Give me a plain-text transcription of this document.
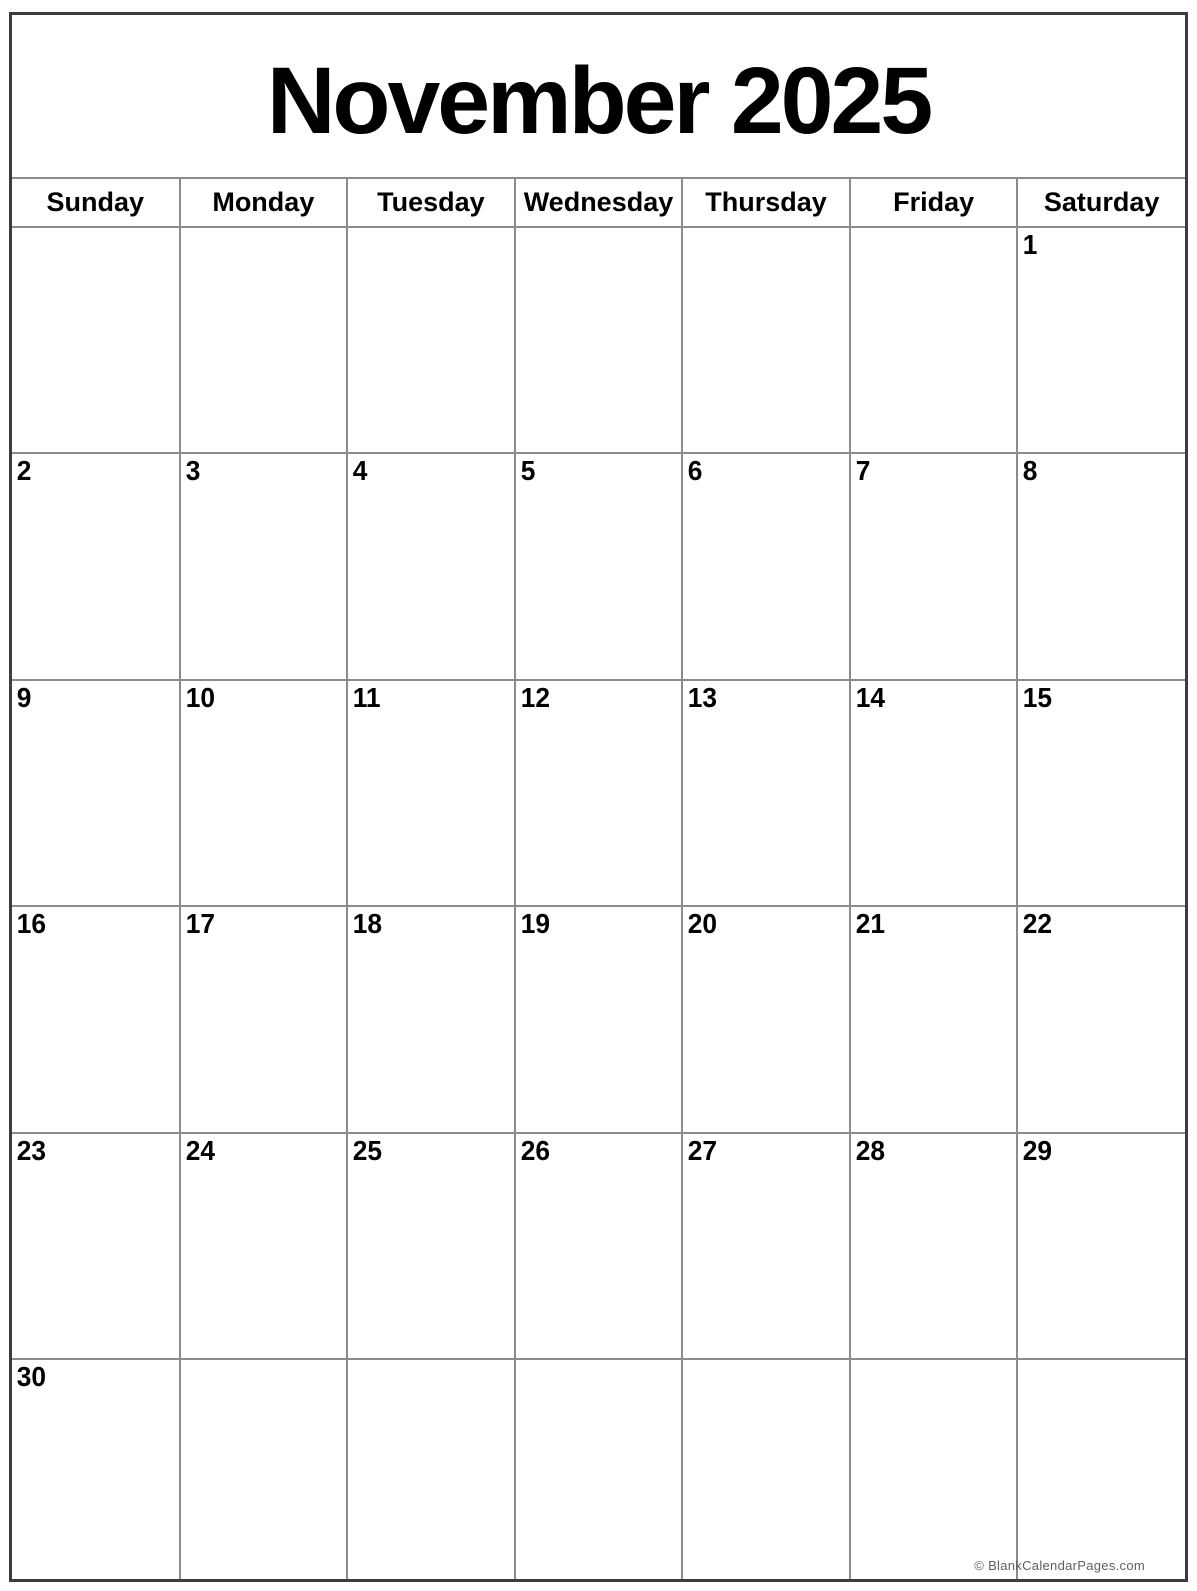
November 2025
Sunday	Monday	Tuesday	Wednesday	Thursday	Friday	Saturday
						1
2	3	4	5	6	7	8
9	10	11	12	13	14	15
16	17	18	19	20	21	22
23	24	25	26	27	28	29
30						
© BlankCalendarPages.com
